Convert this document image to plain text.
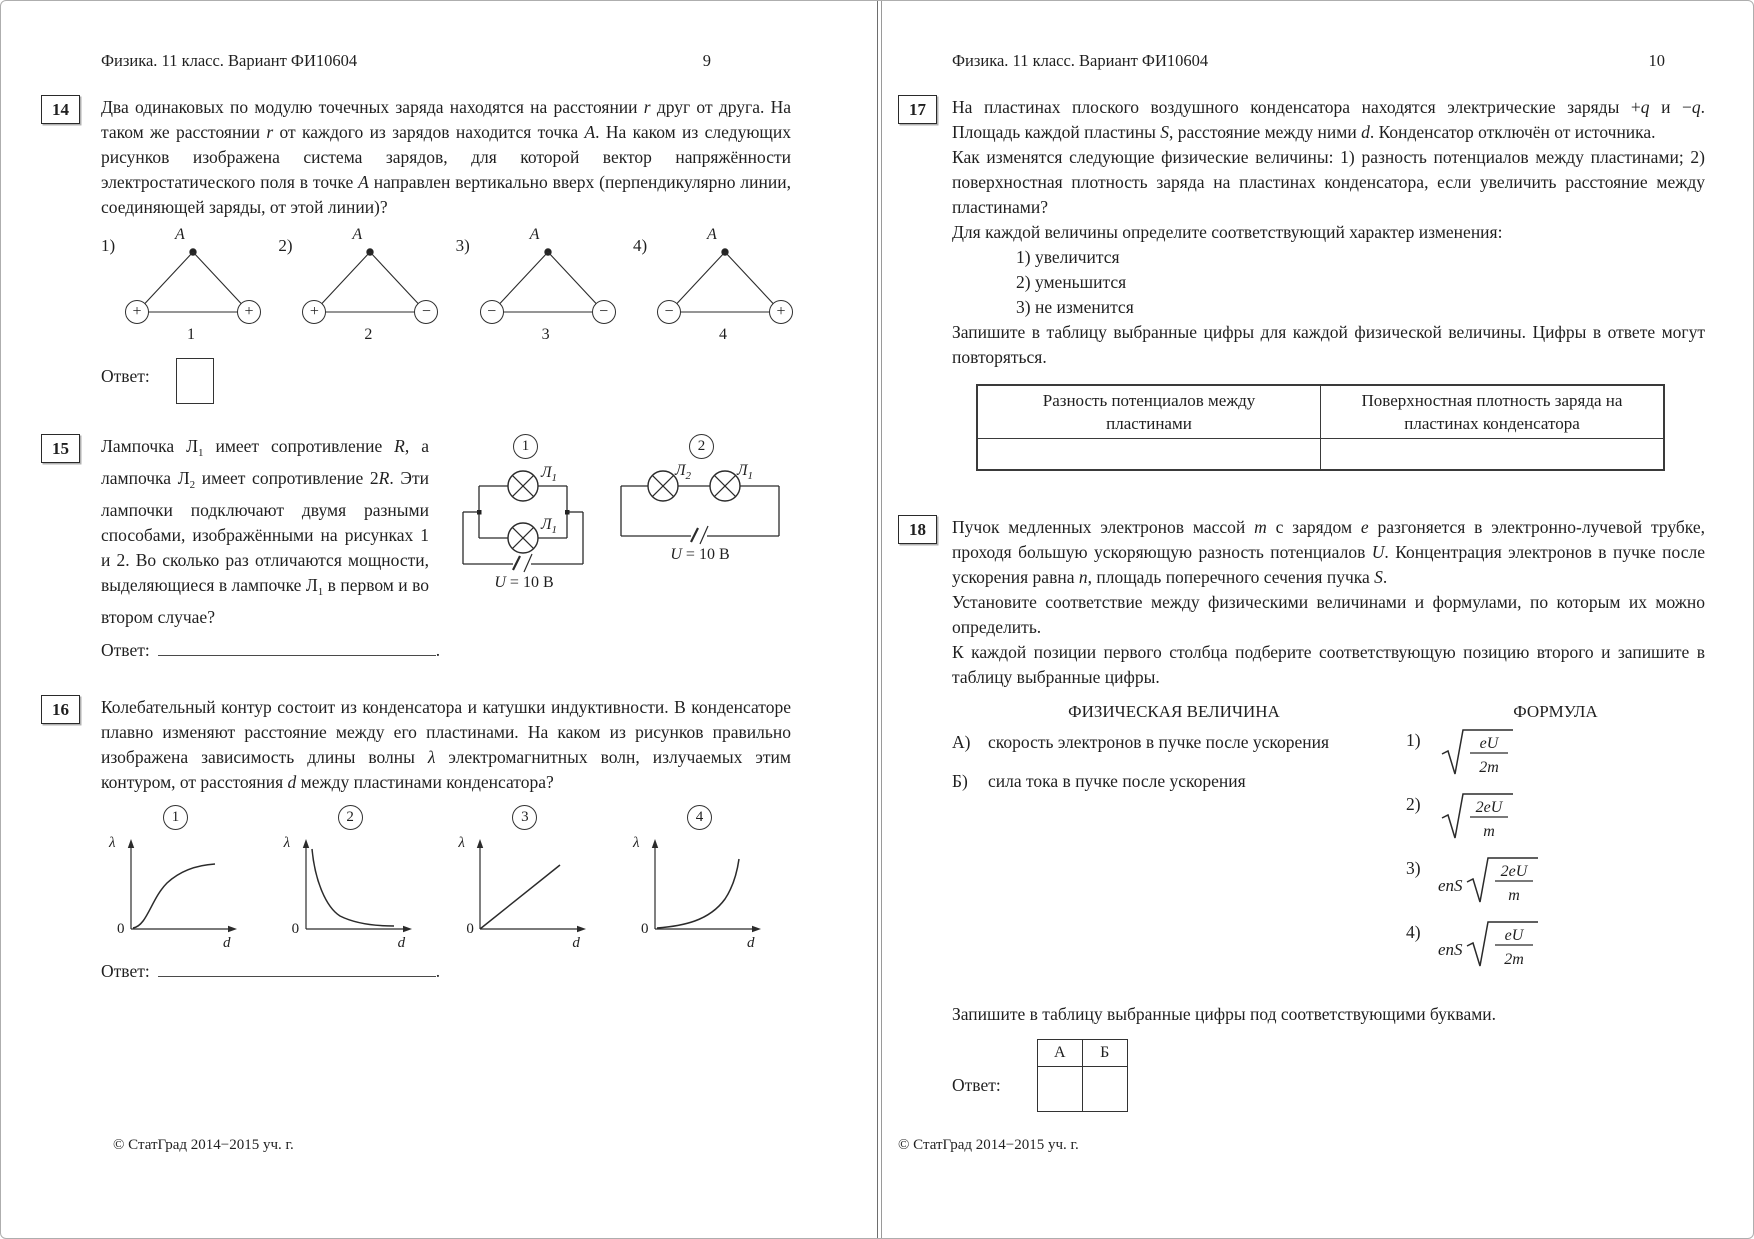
Физика. 11 класс. Вариант ФИ10604	9
14	Два одинаковых по модулю точечных заряда находятся на расстоянии r друг от друга. На таком же расстоянии r от каждого из зарядов находится точка A. На каком из следующих рисунков изображена система зарядов, для которой вектор напряжённости электростатического поля в точке A направлен вертикально вверх (перпендикулярно линии, соединяющей заряды, от этой линии)?
1)
A
+	+
1
2)
A
+	−
2
3)
A
−	−
3
4)
A
−	+
4
Ответ:
15	Лампочка $Л_1$ имеет сопротивление R, а лампочка $Л_2$ имеет сопротивление 2R. Эти лампочки подключают двумя разными способами, изображёнными на рисунках 1 и 2. Во сколько раз отличаются мощности, выделяющиеся в лампочке $Л_1$ в первом и во втором случае?
1
$Л_1$
$Л_1$
U = 10 В
2
$Л_2$	$Л_1$
U = 10 В
Ответ:	.
16	Колебательный контур состоит из конденсатора и катушки индуктивности. В конденсаторе плавно изменяют расстояние между его пластинами. На каком из рисунков правильно изображена зависимость длины волны λ электромагнитных волн, излучаемых этим контуром, от расстояния d между пластинами конденсатора?
1
λ
0
d
2
λ
0
d
3
λ
0
d
4
λ
0
d
Ответ:	.
© СтатГрад 2014−2015 уч. г.
Физика. 11 класс. Вариант ФИ10604	10
17	На пластинах плоского воздушного конденсатора находятся электрические заряды +q и −q. Площадь каждой пластины S, расстояние между ними d. Конденсатор отключён от источника.
Как изменятся следующие физические величины: 1) разность потенциалов между пластинами; 2) поверхностная плотность заряда на пластинах конденсатора, если увеличить расстояние между пластинами?
Для каждой величины определите соответствующий характер изменения:
1) увеличится
2) уменьшится
3) не изменится
Запишите в таблицу выбранные цифры для каждой физической величины. Цифры в ответе могут повторяться.
Разность потенциалов между пластинами	Поверхностная плотность заряда на пластинах конденсатора

18	Пучок медленных электронов массой m с зарядом e разгоняется в электронно-лучевой трубке, проходя большую ускоряющую разность потенциалов U. Концентрация электронов в пучке после ускорения равна n, площадь поперечного сечения пучка S.
Установите соответствие между физическими величинами и формулами, по которым их можно определить.
К каждой позиции первого столбца подберите соответствующую позицию второго и запишите в таблицу выбранные цифры.
ФИЗИЧЕСКАЯ ВЕЛИЧИНА
А)	скорость электронов в пучке после ускорения
Б)	сила тока в пучке после ускорения
ФОРМУЛА
1)	eU
2m
2)	2eU
m
3)
enS
2eU
m
4)
enS
eU
2m
Запишите в таблицу выбранные цифры под соответствующими буквами.
Ответ:
А	Б

© СтатГрад 2014−2015 уч. г.
